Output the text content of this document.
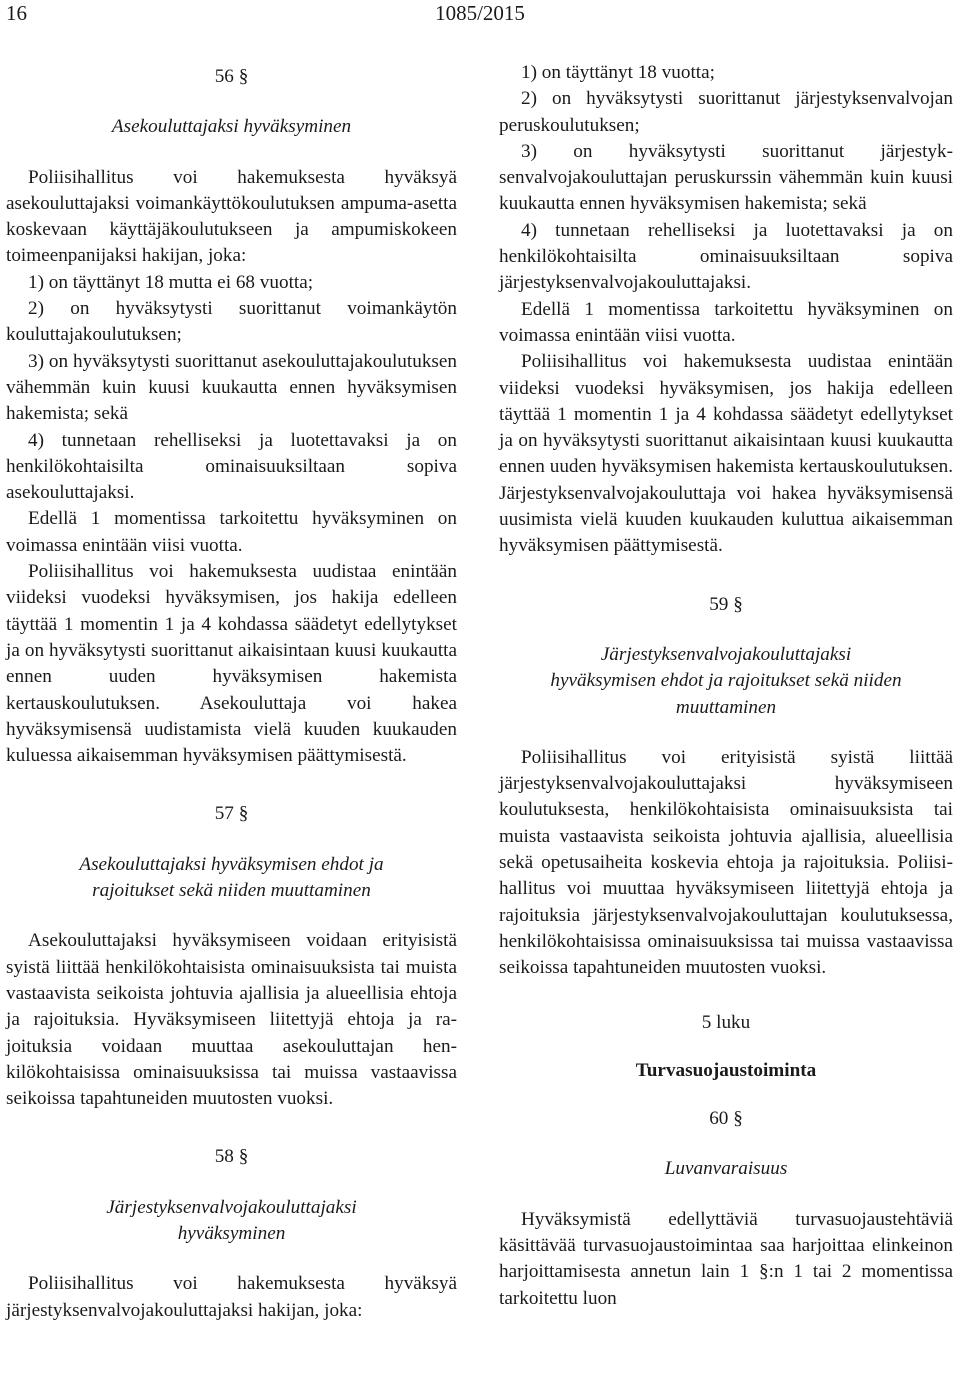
16	1085/2015
56 §
Asekouluttajaksi hyväksyminen

Poliisihallitus voi hakemuksesta hyväksyä asekouluttajaksi voimankäyttökoulutuksen ampuma-asetta koskevaan käyttäjäkoulutukseen ja ampumiskokeen toimeenpanijaksi hakijan, joka:

1) on täyttänyt 18 mutta ei 68 vuotta;

2) on hyväksytysti suorittanut voimankäytön kouluttajakoulutuksen;

3) on hyväksytysti suorittanut asekouluttajakoulutuksen vähemmän kuin kuusi kuukautta ennen hyväksymisen hakemista; sekä

4) tunnetaan rehelliseksi ja luotettavaksi ja on henkilökohtaisilta ominaisuuksiltaan sopiva asekouluttajaksi.

Edellä 1 momentissa tarkoitettu hyväksyminen on voimassa enintään viisi vuotta.

Poliisihallitus voi hakemuksesta uudistaa enintään viideksi vuodeksi hyväksymisen, jos hakija edelleen täyttää 1 momentin 1 ja 4 kohdassa säädetyt edellytykset ja on hyväksytysti suorittanut aikaisintaan kuusi kuukautta ennen uuden hyväksymisen hakemista kertauskoulutuksen. Asekouluttaja voi hakea hyväksymisensä uudistamista vielä kuuden kuukauden kuluessa aikaisemman hyväksymisen päättymisestä.

57 §
Asekouluttajaksi hyväksymisen ehdot ja
rajoitukset sekä niiden muuttaminen

Asekouluttajaksi hyväksymiseen voidaan erityisistä syistä liittää henkilökohtaisista ominaisuuksista tai muista vastaavista seikoista johtuvia ajallisia ja alueellisia ehtoja ja rajoituksia. Hyväksymiseen liitettyjä ehtoja ja rajoituksia voidaan muuttaa asekouluttajan henkilökohtaisissa ominaisuuksissa tai muissa vastaavissa seikoissa tapahtuneiden muutosten vuoksi.

58 §
Järjestyksenvalvojakouluttajaksi
hyväksyminen

Poliisihallitus voi hakemuksesta hyväksyä järjestyksenvalvojakouluttajaksi hakijan, joka:

1) on täyttänyt 18 vuotta;

2) on hyväksytysti suorittanut järjestyksenvalvojan peruskoulutuksen;

3) on hyväksytysti suorittanut järjestyksenvalvojakouluttajan peruskurssin vähemmän kuin kuusi kuukautta ennen hyväksymisen hakemista; sekä

4) tunnetaan rehelliseksi ja luotettavaksi ja on henkilökohtaisilta ominaisuuksiltaan sopiva järjestyksenvalvojakouluttajaksi.

Edellä 1 momentissa tarkoitettu hyväksyminen on voimassa enintään viisi vuotta.

Poliisihallitus voi hakemuksesta uudistaa enintään viideksi vuodeksi hyväksymisen, jos hakija edelleen täyttää 1 momentin 1 ja 4 kohdassa säädetyt edellytykset ja on hyväksytysti suorittanut aikaisintaan kuusi kuukautta ennen uuden hyväksymisen hakemista kertauskoulutuksen. Järjestyksenvalvojakouluttaja voi hakea hyväksymisensä uusimista vielä kuuden kuukauden kuluttua aikaisemman hyväksymisen päättymisestä.

59 §
Järjestyksenvalvojakouluttajaksi
hyväksymisen ehdot ja rajoitukset sekä niiden
muuttaminen

Poliisihallitus voi erityisistä syistä liittää järjestyksenvalvojakouluttajaksi hyväksymiseen koulutuksesta, henkilökohtaisista ominaisuuksista tai muista vastaavista seikoista johtuvia ajallisia, alueellisia sekä opetusaiheita koskevia ehtoja ja rajoituksia. Poliisihallitus voi muuttaa hyväksymiseen liitettyjä ehtoja ja rajoituksia järjestyksenvalvojakouluttajan koulutuksessa, henkilökohtaisissa ominaisuuksissa tai muissa vastaavissa seikoissa tapahtuneiden muutosten vuoksi.

5 luku
Turvasuojaustoiminta
60 §
Luvanvaraisuus

Hyväksymistä edellyttäviä turvasuojaustehtäviä käsittävää turvasuojaustoimintaa saa harjoittaa elinkeinon harjoittamisesta annetun lain 1 §:n 1 tai 2 momentissa tarkoitettu luon
